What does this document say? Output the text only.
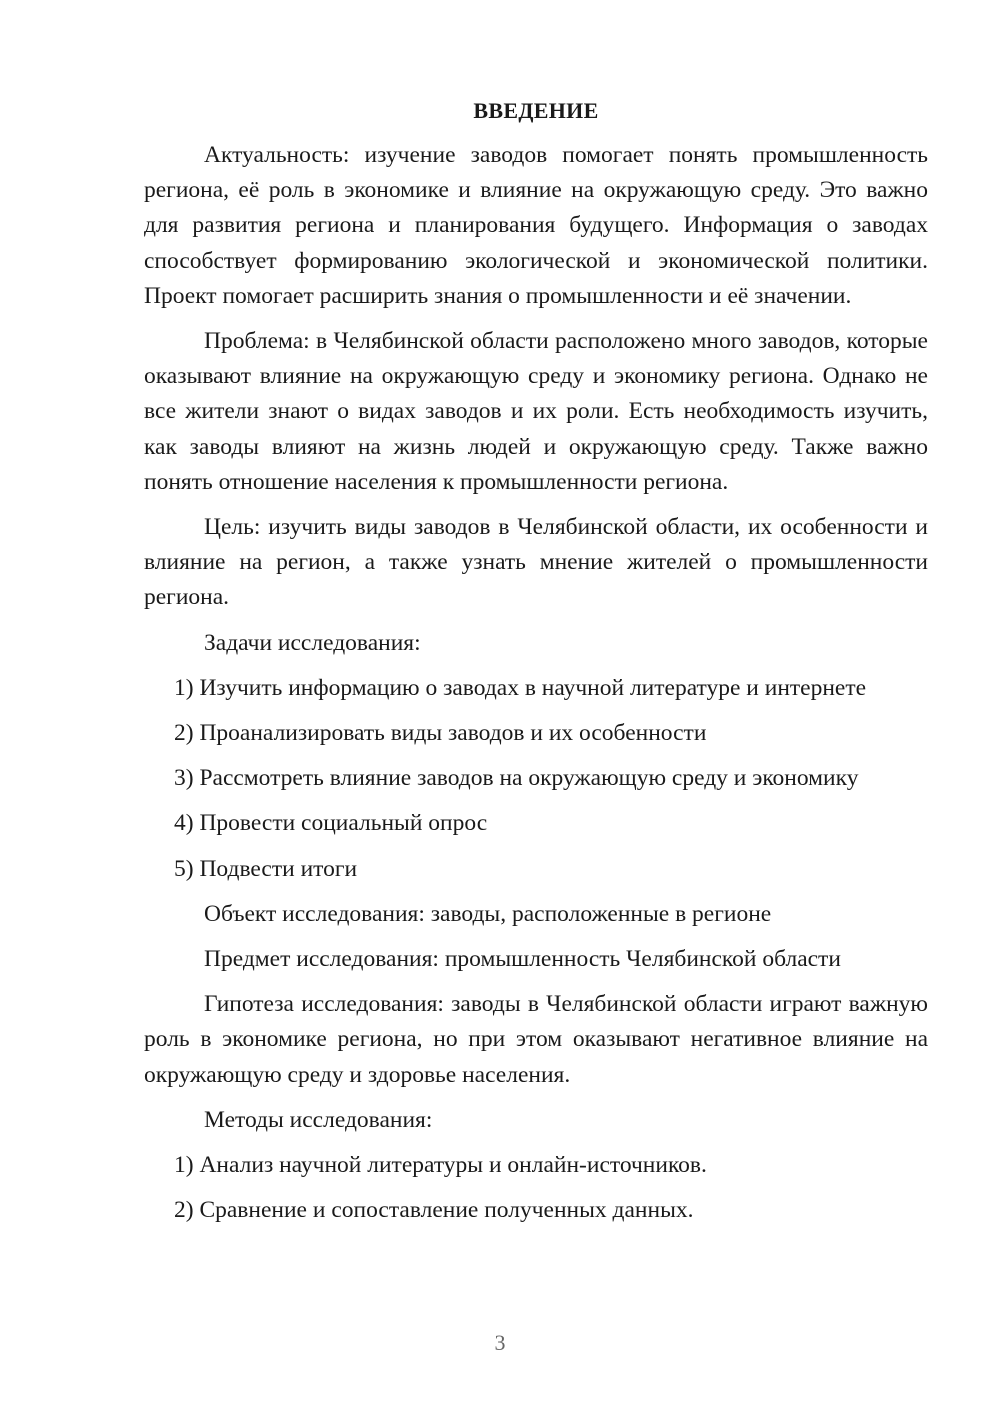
ВВЕДЕНИЕ

Актуальность: изучение заводов помогает понять промышленность региона, её роль в экономике и влияние на окружающую среду. Это важно для развития региона и планирования будущего. Информация о заводах способствует формированию экологической и экономической политики. Проект помогает расширить знания о промышленности и её значении.

Проблема: в Челябинской области расположено много заводов, которые оказывают влияние на окружающую среду и экономику региона. Однако не все жители знают о видах заводов и их роли. Есть необходимость изучить, как заводы влияют на жизнь людей и окружающую среду. Также важно понять отношение населения к промышленности региона.

Цель: изучить виды заводов в Челябинской области, их особенности и влияние на регион, а также узнать мнение жителей о промышленности региона.

Задачи исследования:

1) Изучить информацию о заводах в научной литературе и интернете

2) Проанализировать виды заводов и их особенности

3) Рассмотреть влияние заводов на окружающую среду и экономику

4) Провести социальный опрос

5) Подвести итоги

Объект исследования: заводы, расположенные в регионе

Предмет исследования: промышленность Челябинской области

Гипотеза исследования: заводы в Челябинской области играют важную роль в экономике региона, но при этом оказывают негативное влияние на окружающую среду и здоровье населения.

Методы исследования:

1) Анализ научной литературы и онлайн-источников.

2) Сравнение и сопоставление полученных данных.

3
